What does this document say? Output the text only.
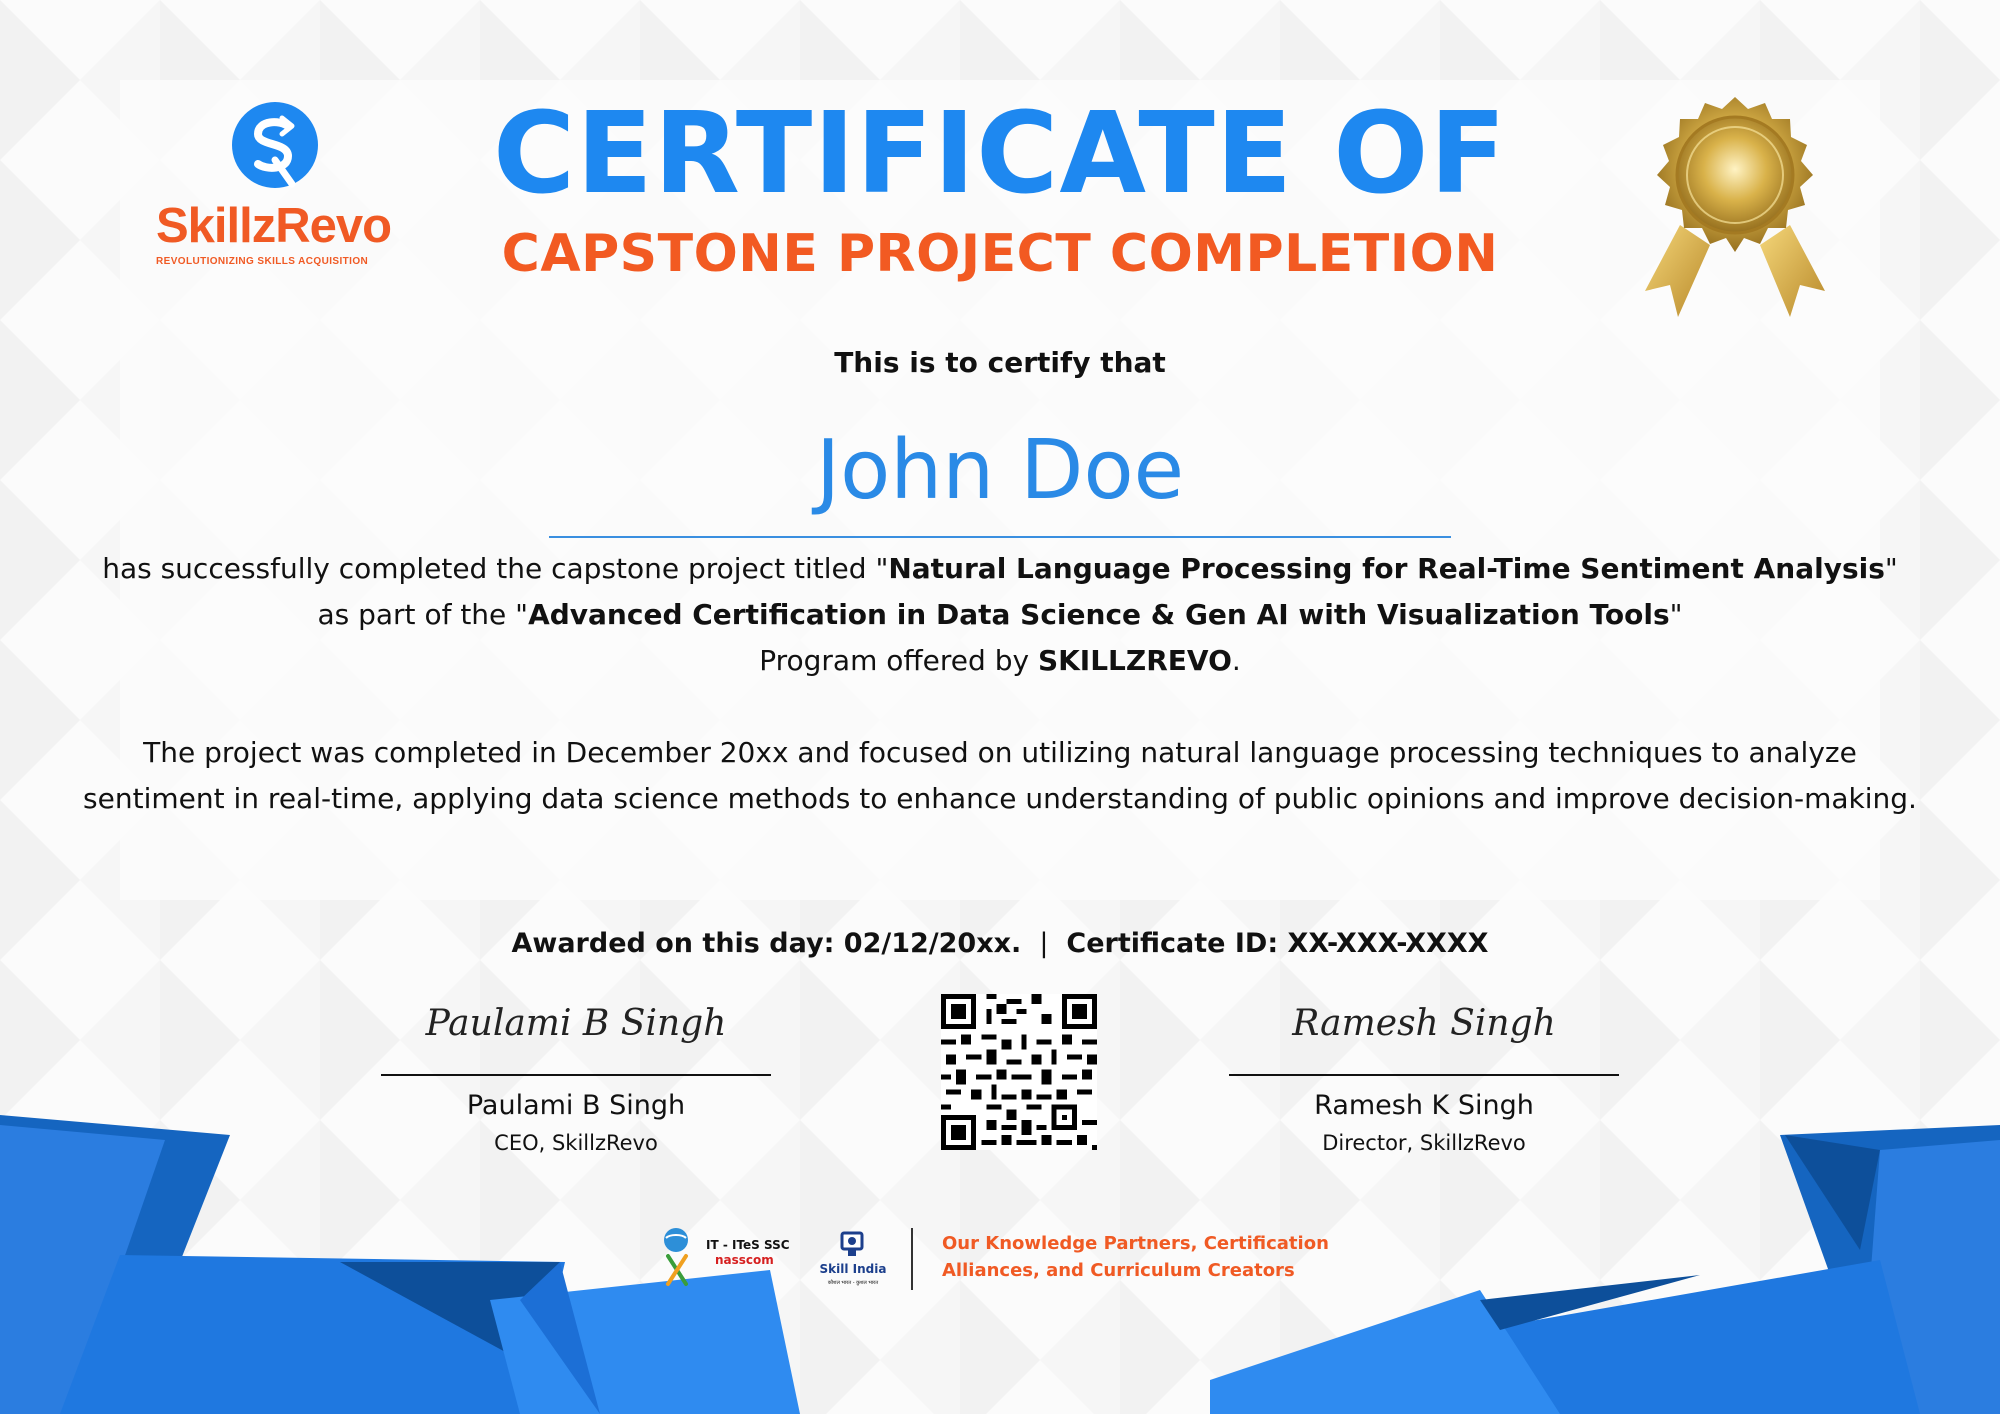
SkillzRevo
REVOLUTIONIZING SKILLS ACQUISITION
CERTIFICATE OF
CAPSTONE PROJECT COMPLETION
This is to certify that
John Doe
has successfully completed the capstone project titled "Natural Language Processing for Real-Time Sentiment Analysis"
as part of the "Advanced Certification in Data Science & Gen AI with Visualization Tools"
Program offered by SKILLZREVO.
The project was completed in December 20xx and focused on utilizing natural language processing techniques to analyze
sentiment in real-time, applying data science methods to enhance understanding of public opinions and improve decision-making.
Awarded on this day: 02/12/20xx. | Certificate ID: XX-XXX-XXXX
Paulami B Singh
Paulami B Singh
CEO, SkillzRevo
Ramesh Singh
Ramesh K Singh
Director, SkillzRevo
IT - ITeS SSC
nasscom
Skill India
कौशल भारत - कुशल भारत
Our Knowledge Partners, Certification
Alliances, and Curriculum Creators
